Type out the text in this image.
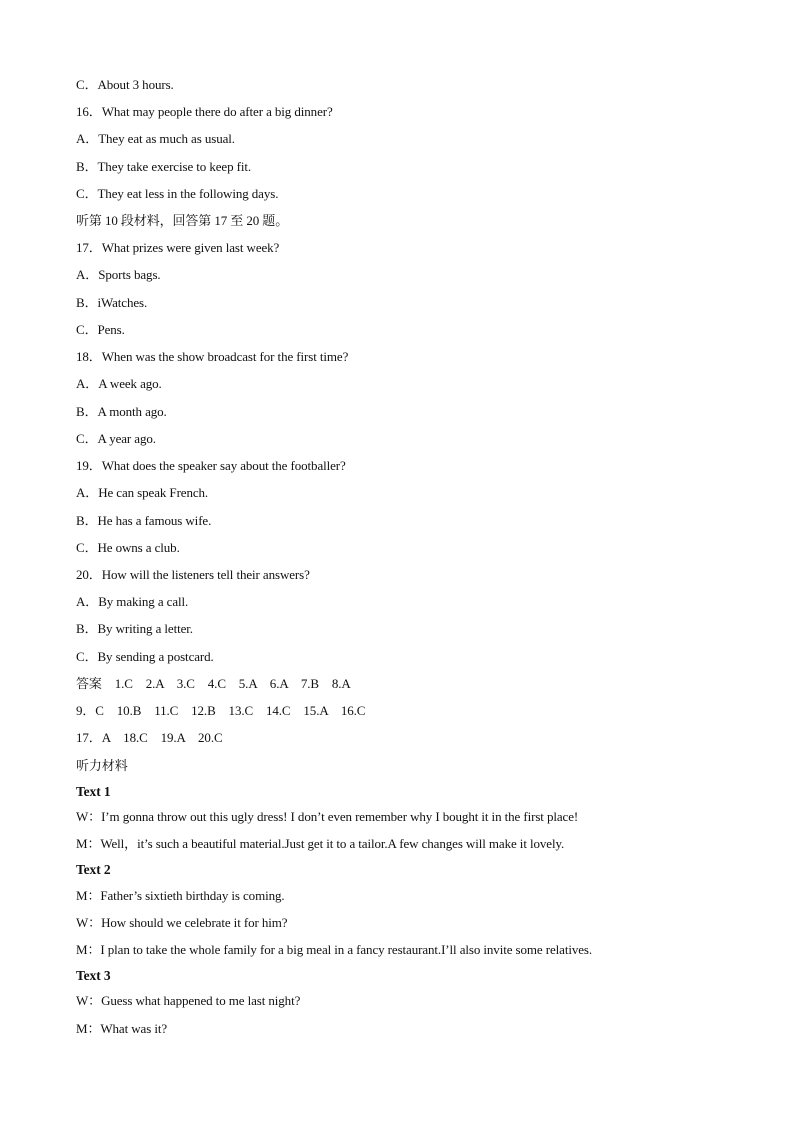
C．About 3 hours.
16．What may people there do after a big dinner?
A．They eat as much as usual.
B．They take exercise to keep fit.
C．They eat less in the following days.
听第 10 段材料，回答第 17 至 20 题。
17．What prizes were given last week?
A．Sports bags.
B．iWatches.
C．Pens.
18．When was the show broadcast for the first time?
A．A week ago.
B．A month ago.
C．A year ago.
19．What does the speaker say about the footballer?
A．He can speak French.
B．He has a famous wife.
C．He owns a club.
20．How will the listeners tell their answers?
A．By making a call.
B．By writing a letter.
C．By sending a postcard.
答案　1.C　2.A　3.C　4.C　5.A　6.A　7.B　8.A
9．C　10.B　11.C　12.B　13.C　14.C　15.A　16.C
17．A　18.C　19.A　20.C
听力材料
Text 1
W：I’m gonna throw out this ugly dress! I don’t even remember why I bought it in the first place!
M：Well，it’s such a beautiful material.Just get it to a tailor.A few changes will make it lovely.
Text 2
M：Father’s sixtieth birthday is coming.
W：How should we celebrate it for him?
M：I plan to take the whole family for a big meal in a fancy restaurant.I’ll also invite some relatives.
Text 3
W：Guess what happened to me last night?
M：What was it?
